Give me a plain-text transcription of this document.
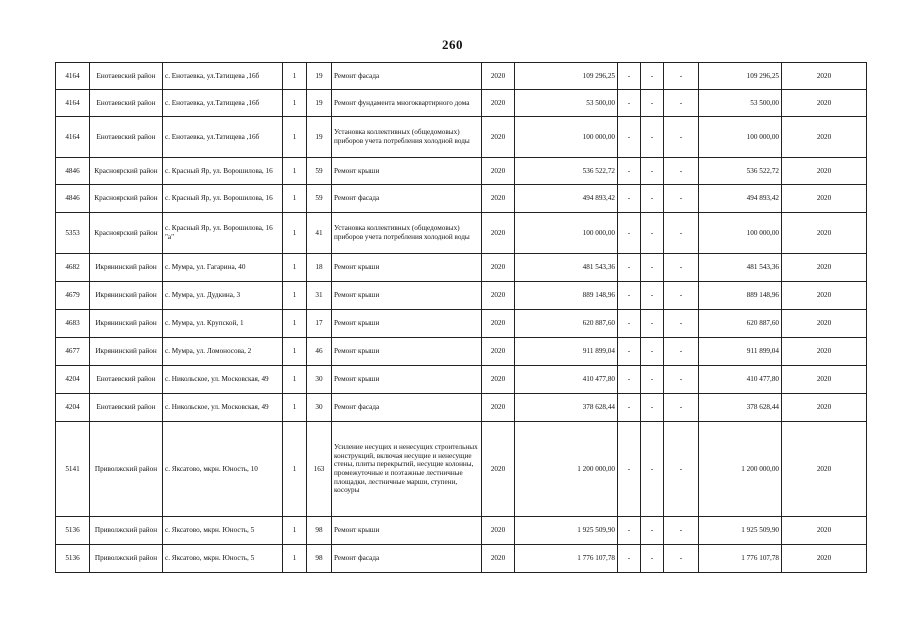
260
4164	Енотаевский район	с. Енотаевка, ул.Татищева ,16б	1	19	Ремонт фасада	2020	109 296,25	-	-	-	109 296,25	2020
4164	Енотаевский район	с. Енотаевка, ул.Татищева ,16б	1	19	Ремонт фундамента многоквартирного дома	2020	53 500,00	-	-	-	53 500,00	2020
4164	Енотаевский район	с. Енотаевка, ул.Татищева ,16б	1	19	Установка коллективных (общедомовых) приборов учета потребления холодной воды	2020	100 000,00	-	-	-	100 000,00	2020
4846	Красноярский район	с. Красный Яр, ул. Ворошилова, 16	1	59	Ремонт крыши	2020	536 522,72	-	-	-	536 522,72	2020
4846	Красноярский район	с. Красный Яр, ул. Ворошилова, 16	1	59	Ремонт фасада	2020	494 893,42	-	-	-	494 893,42	2020
5353	Красноярский район	с. Красный Яр, ул. Ворошилова, 16 "а"	1	41	Установка коллективных (общедомовых) приборов учета потребления холодной воды	2020	100 000,00	-	-	-	100 000,00	2020
4682	Икрянинский район	с. Мумра, ул. Гагарина, 40	1	18	Ремонт крыши	2020	481 543,36	-	-	-	481 543,36	2020
4679	Икрянинский район	с. Мумра, ул. Дудкина, 3	1	31	Ремонт крыши	2020	889 148,96	-	-	-	889 148,96	2020
4683	Икрянинский район	с. Мумра, ул. Крупской, 1	1	17	Ремонт крыши	2020	620 887,60	-	-	-	620 887,60	2020
4677	Икрянинский район	с. Мумра, ул. Ломоносова, 2	1	46	Ремонт крыши	2020	911 899,04	-	-	-	911 899,04	2020
4204	Енотаевский район	с. Никольское, ул. Московская, 49	1	30	Ремонт крыши	2020	410 477,80	-	-	-	410 477,80	2020
4204	Енотаевский район	с. Никольское, ул. Московская, 49	1	30	Ремонт фасада	2020	378 628,44	-	-	-	378 628,44	2020
5141	Приволжский район	с. Яксатово, мкрн. Юность, 10	1	163	Усиление несущих и ненесущих строительных конструкций, включая несущие и ненесущие стены, плиты перекрытий, несущие колонны, промежуточные и поэтажные лестничные площадки, лестничные марши, ступени, косоуры	2020	1 200 000,00	-	-	-	1 200 000,00	2020
5136	Приволжский район	с. Яксатово, мкрн. Юность, 5	1	98	Ремонт крыши	2020	1 925 509,90	-	-	-	1 925 509,90	2020
5136	Приволжский район	с. Яксатово, мкрн. Юность, 5	1	98	Ремонт фасада	2020	1 776 107,78	-	-	-	1 776 107,78	2020
